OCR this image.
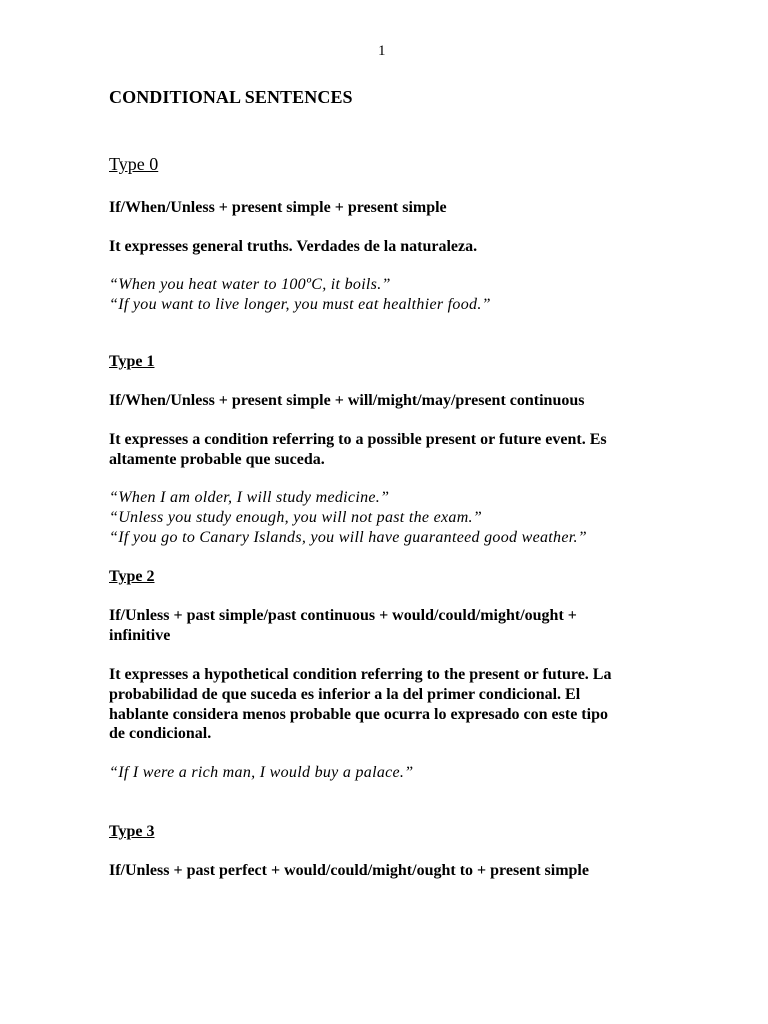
1
CONDITIONAL SENTENCES
Type 0
If/When/Unless + present simple + present simple
It expresses general truths. Verdades de la naturaleza.
“When you heat water to 100ºC, it boils.”
“If you want to live longer, you must eat healthier food.”
Type 1
If/When/Unless + present simple + will/might/may/present continuous
It expresses a condition referring to a possible present or future event. Es
altamente probable que suceda.
“When I am older, I will study medicine.”
“Unless you study enough, you will not past the exam.”
“If you go to Canary Islands, you will have guaranteed good weather.”
Type 2
If/Unless + past simple/past continuous + would/could/might/ought +
infinitive
It expresses a hypothetical condition referring to the present or future. La
probabilidad de que suceda es inferior a la del primer condicional. El
hablante considera menos probable que ocurra lo expresado con este tipo
de condicional.
“If I were a rich man, I would buy a palace.”
Type 3
If/Unless + past perfect + would/could/might/ought to + present simple
